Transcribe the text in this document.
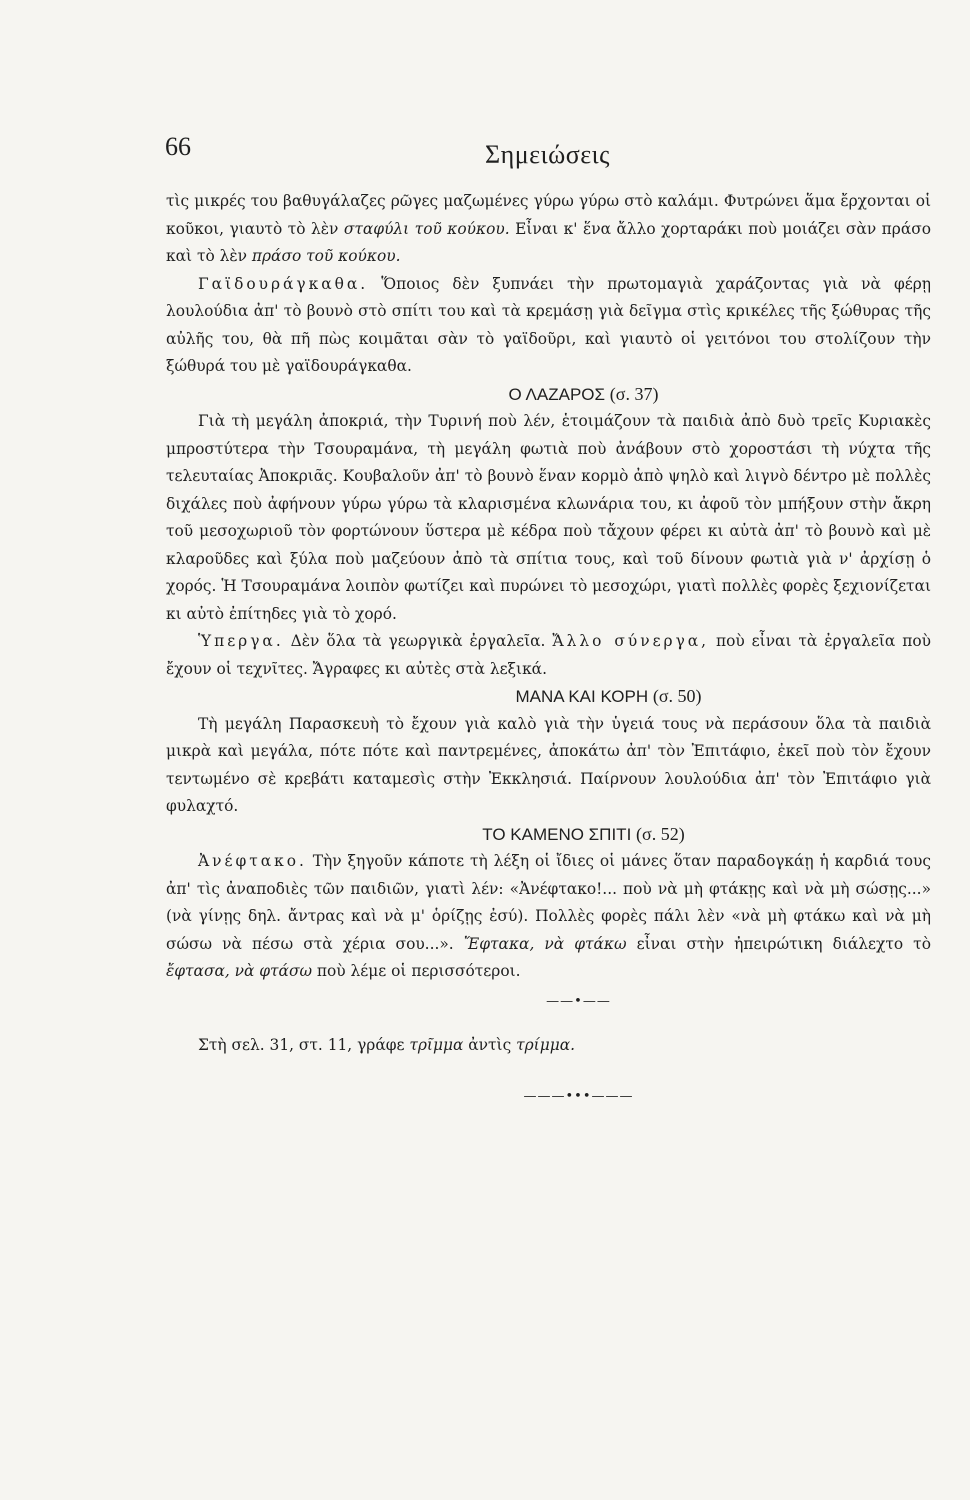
66	Σημειώσεις

τὶς μικρές του βαθυγάλαζες ρῶγες μαζωμένες γύρω γύρω στὸ καλάμι. Φυτρώνει ἅμα ἔρχονται οἱ κοῦκοι, γιαυτὸ τὸ λὲν σταφύλι τοῦ κούκου. Εἶναι κ' ἕνα ἄλλο χορταράκι ποὺ μοιάζει σὰν πράσο καὶ τὸ λὲν πράσο τοῦ κούκου.

Γαϊδουράγκαθα. Ὅποιος δὲν ξυπνάει τὴν πρωτομαγιὰ χαράζοντας γιὰ νὰ φέρῃ λουλούδια ἀπ' τὸ βουνὸ στὸ σπίτι του καὶ τὰ κρεμάσῃ γιὰ δεῖγμα στὶς κρικέλες τῆς ξώθυρας τῆς αὐλῆς του, θὰ πῆ πὼς κοιμᾶται σὰν τὸ γαϊδοῦρι, καὶ γιαυτὸ οἱ γειτόνοι του στολίζουν τὴν ξώθυρά του μὲ γαϊδουράγκαθα.

Ο ΛΑΖΑΡΟΣ (σ. 37)

Γιὰ τὴ μεγάλη ἀποκριά, τὴν Τυρινή ποὺ λέν, ἑτοιμάζουν τὰ παιδιὰ ἀπὸ δυὸ τρεῖς Κυριακὲς μπροστύτερα τὴν Τσουραμάνα, τὴ μεγάλη φωτιὰ ποὺ ἀνάβουν στὸ χοροστάσι τὴ νύχτα τῆς τελευταίας Ἀποκριᾶς. Κουβαλοῦν ἀπ' τὸ βουνὸ ἕναν κορμὸ ἀπὸ ψηλὸ καὶ λιγνὸ δέντρο μὲ πολλὲς διχάλες ποὺ ἀφήνουν γύρω γύρω τὰ κλαρισμένα κλωνάρια του, κι ἀφοῦ τὸν μπήξουν στὴν ἄκρη τοῦ μεσοχωριοῦ τὸν φορτώνουν ὕστερα μὲ κέδρα ποὺ τἄχουν φέρει κι αὐτὰ ἀπ' τὸ βουνὸ καὶ μὲ κλαροῦδες καὶ ξύλα ποὺ μαζεύουν ἀπὸ τὰ σπίτια τους, καὶ τοῦ δίνουν φωτιὰ γιὰ ν' ἀρχίσῃ ὁ χορός. Ἡ Τσουραμάνα λοιπὸν φωτίζει καὶ πυρώνει τὸ μεσοχώρι, γιατὶ πολλὲς φορὲς ξεχιονίζεται κι αὐτὸ ἐπίτηδες γιὰ τὸ χορό.

Ὑπεργα. Δὲν ὅλα τὰ γεωργικὰ ἐργαλεῖα. Ἄλλο σύνεργα, ποὺ εἶναι τὰ ἐργαλεῖα ποὺ ἔχουν οἱ τεχνῖτες. Ἄγραφες κι αὐτὲς στὰ λεξικά.

ΜΑΝΑ ΚΑΙ ΚΟΡΗ (σ. 50)

Τὴ μεγάλη Παρασκευὴ τὸ ἔχουν γιὰ καλὸ γιὰ τὴν ὑγειά τους νὰ περάσουν ὅλα τὰ παιδιὰ μικρὰ καὶ μεγάλα, πότε πότε καὶ παντρεμένες, ἀποκάτω ἀπ' τὸν Ἐπιτάφιο, ἐκεῖ ποὺ τὸν ἔχουν τεντωμένο σὲ κρεβάτι καταμεσὶς στὴν Ἐκκλησιά. Παίρνουν λουλούδια ἀπ' τὸν Ἐπιτάφιο γιὰ φυλαχτό.

ΤΟ ΚΑΜΕΝΟ ΣΠΙΤΙ (σ. 52)

Ἀνέφτακο. Τὴν ξηγοῦν κάποτε τὴ λέξη οἱ ἴδιες οἱ μάνες ὅταν παραδογκάῃ ἡ καρδιά τους ἀπ' τὶς ἀναποδιὲς τῶν παιδιῶν, γιατὶ λέν: «Ἀνέφτακο!... ποὺ νὰ μὴ φτάκῃς καὶ νὰ μὴ σώσῃς...» (νὰ γίνῃς δηλ. ἄντρας καὶ νὰ μ' ὁρίζῃς ἐσύ). Πολλὲς φορὲς πάλι λὲν «νὰ μὴ φτάκω καὶ νὰ μὴ σώσω νὰ πέσω στὰ χέρια σου...». Ἔφτακα, νὰ φτάκω εἶναι στὴν ἠπειρώτικη διάλεχτο τὸ ἔφτασα, νὰ φτάσω ποὺ λέμε οἱ περισσότεροι.

——•——

Στὴ σελ. 31, στ. 11, γράφε τρῖμμα ἀντὶς τρίμμα.

———•••———
